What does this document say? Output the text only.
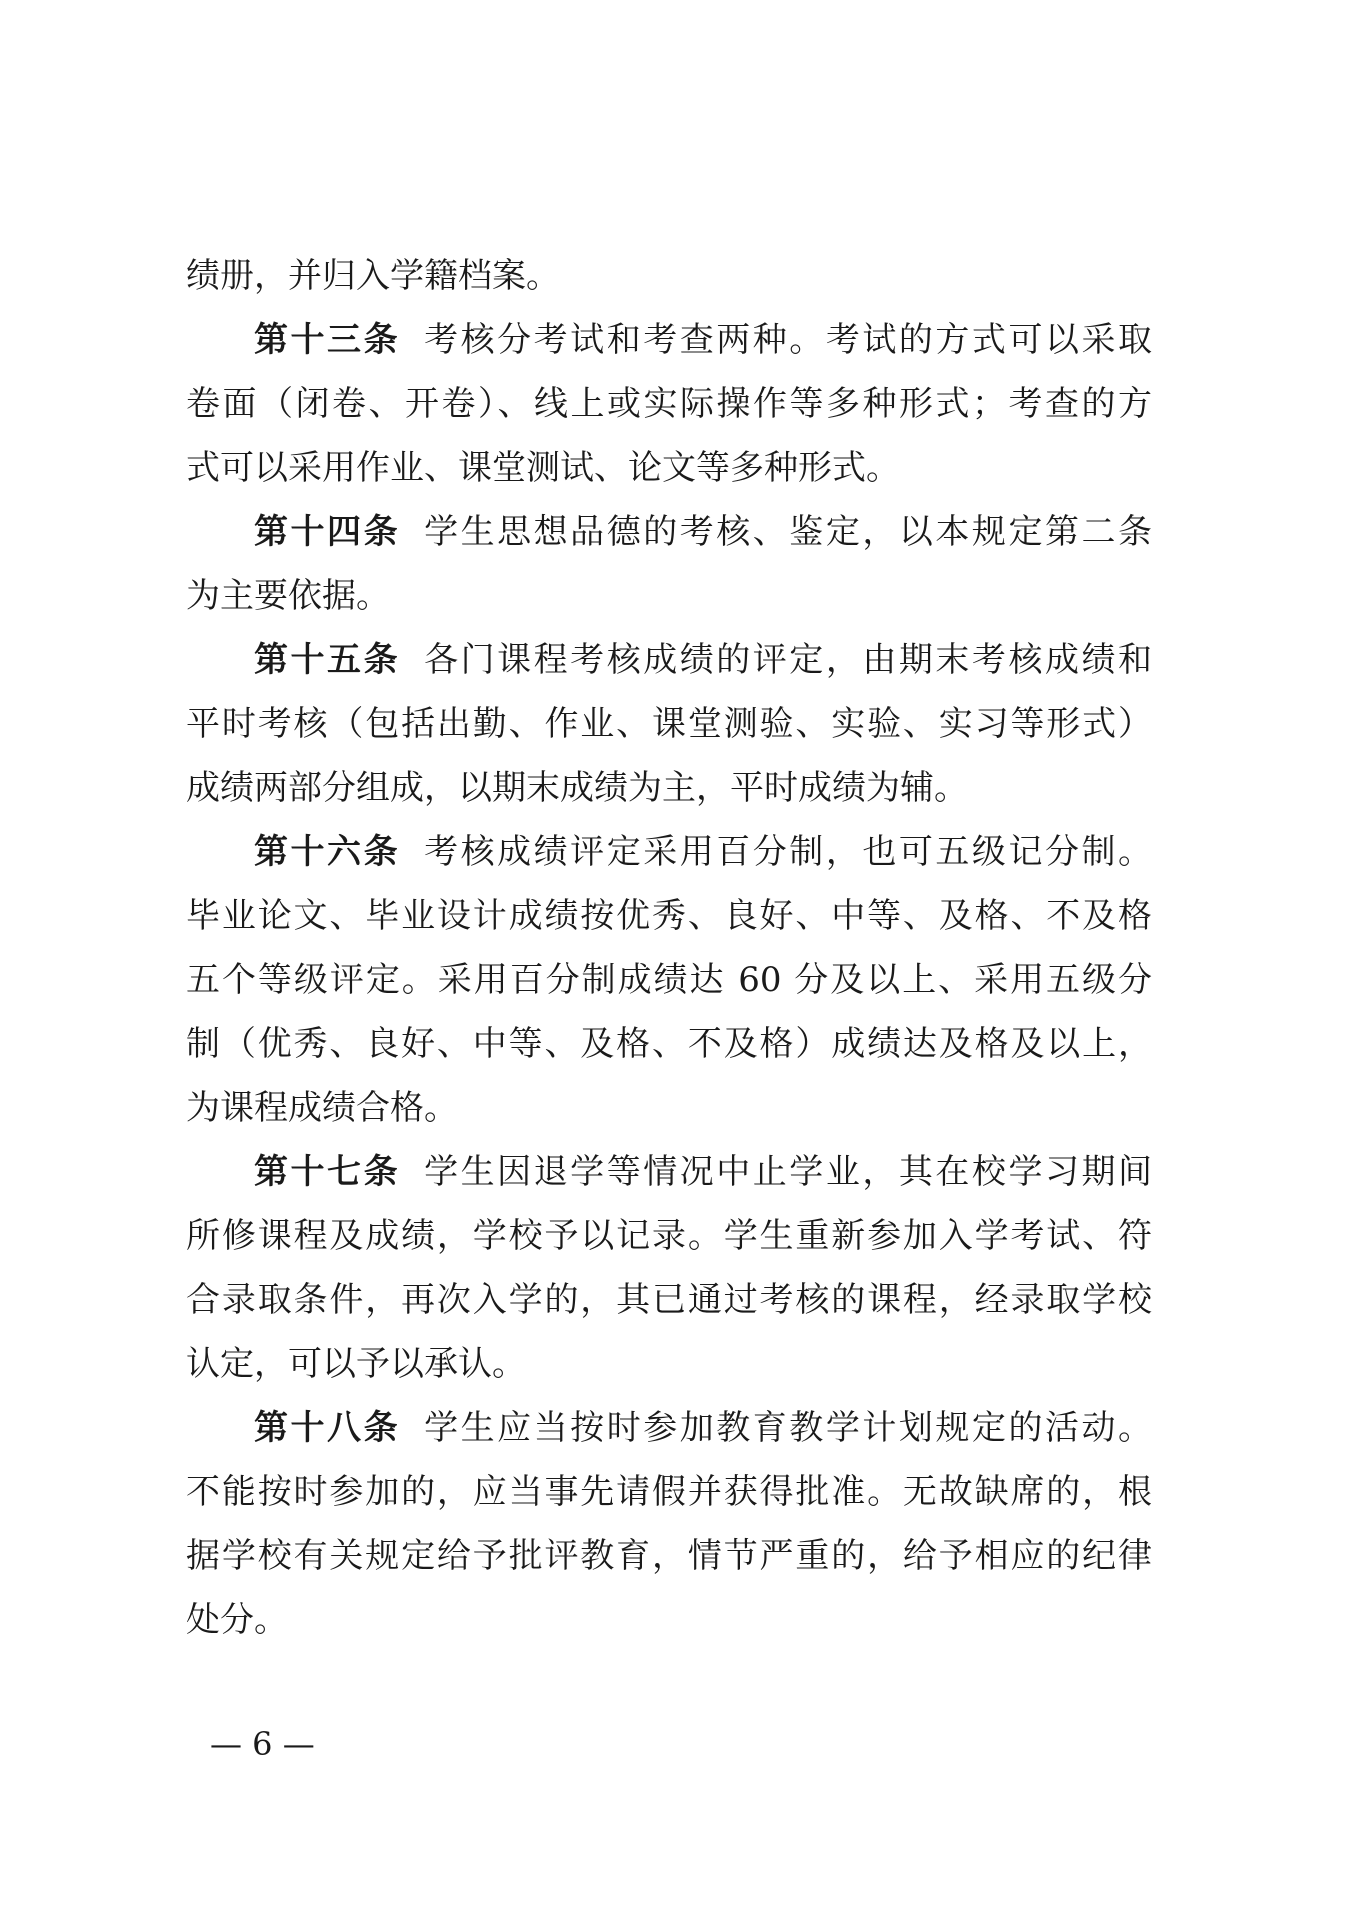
绩册，并归入学籍档案。
第十三条 考核分考试和考查两种。考试的方式可以采取
卷面（闭卷、开卷）、线上或实际操作等多种形式；考查的方
式可以采用作业、课堂测试、论文等多种形式。
第十四条 学生思想品德的考核、鉴定，以本规定第二条
为主要依据。
第十五条 各门课程考核成绩的评定，由期末考核成绩和
平时考核（包括出勤、作业、课堂测验、实验、实习等形式）
成绩两部分组成，以期末成绩为主，平时成绩为辅。
第十六条 考核成绩评定采用百分制，也可五级记分制。
毕业论文、毕业设计成绩按优秀、良好、中等、及格、不及格
五个等级评定。采用百分制成绩达 60 分及以上、采用五级分
制（优秀、良好、中等、及格、不及格）成绩达及格及以上，
为课程成绩合格。
第十七条 学生因退学等情况中止学业，其在校学习期间
所修课程及成绩，学校予以记录。学生重新参加入学考试、符
合录取条件，再次入学的，其已通过考核的课程，经录取学校
认定，可以予以承认。
第十八条 学生应当按时参加教育教学计划规定的活动。
不能按时参加的，应当事先请假并获得批准。无故缺席的，根
据学校有关规定给予批评教育，情节严重的，给予相应的纪律
处分。
— 6 —
